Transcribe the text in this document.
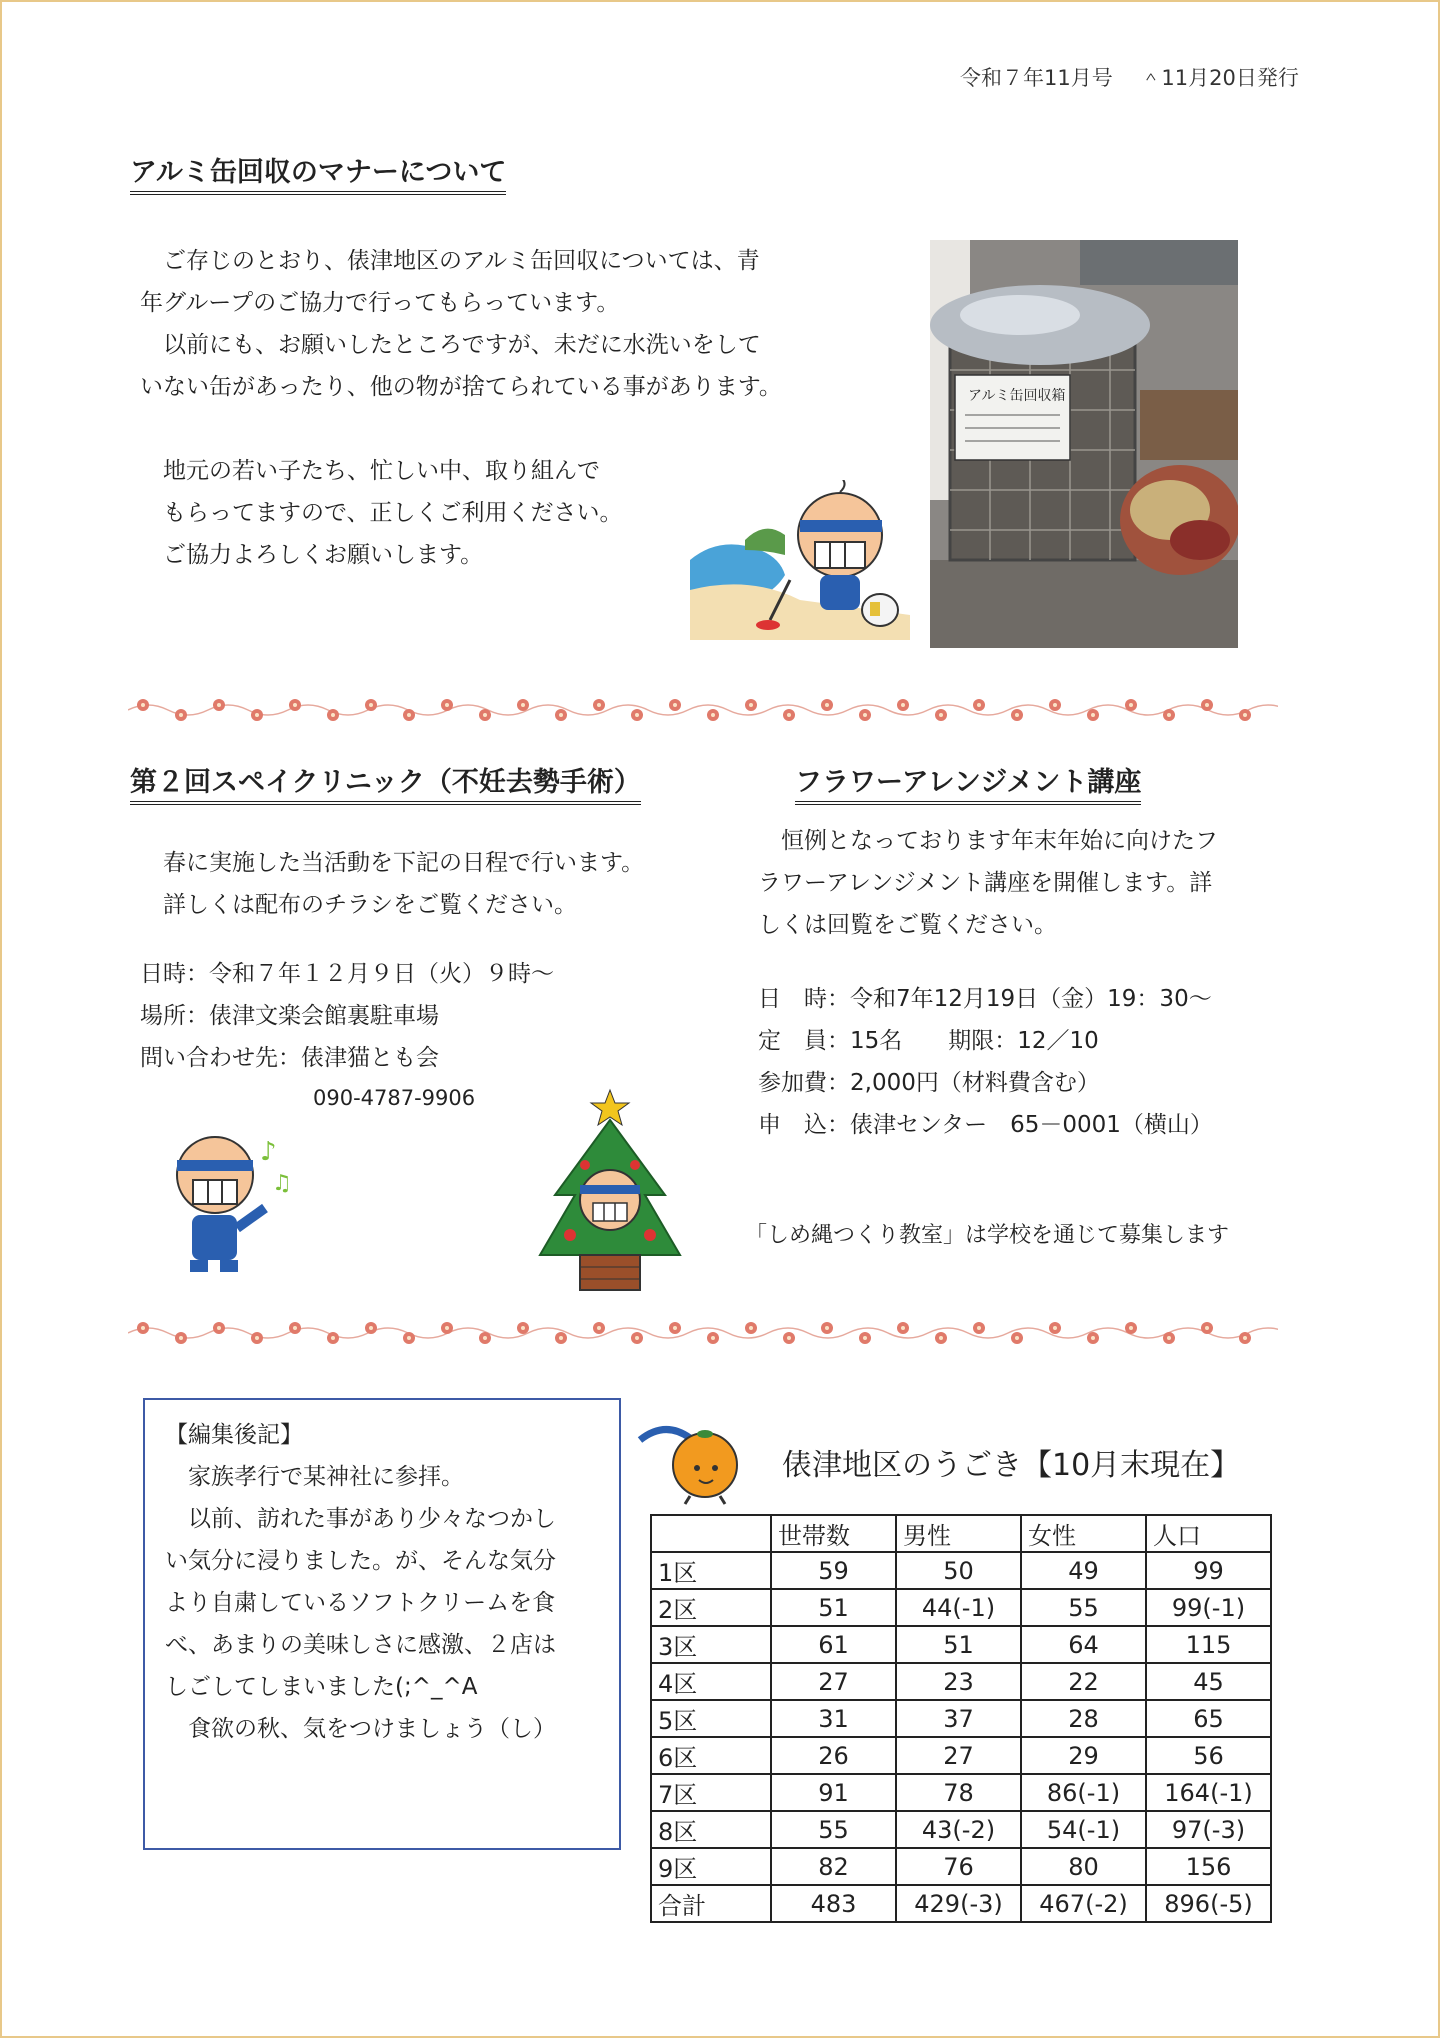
令和７年11月号　 ＾11月20日発行
アルミ缶回収のマナーについて
　ご存じのとおり、俵津地区のアルミ缶回収については、青
年グループのご協力で行ってもらっています。
　以前にも、お願いしたところですが、未だに水洗いをして
いない缶があったり、他の物が捨てられている事があります。
　地元の若い子たち、忙しい中、取り組んで
　もらってますので、正しくご利用ください。
　ご協力よろしくお願いします。
アルミ缶回収箱
第２回スペイクリニック（不妊去勢手術）
　春に実施した当活動を下記の日程で行います。
　詳しくは配布のチラシをご覧ください。
日時：令和７年１２月９日（火）９時～
場所：俵津文楽会館裏駐車場
問い合わせ先：俵津猫とも会
090-4787-9906
♪
♫
フラワーアレンジメント講座
　恒例となっております年末年始に向けたフ
ラワーアレンジメント講座を開催します。詳
しくは回覧をご覧ください。
日　時：令和7年12月19日（金）19：30～
定　員：15名　　期限：12／10
参加費：2,000円（材料費含む）
申　込：俵津センター　65－0001（横山）
「しめ縄つくり教室」は学校を通じて募集します
【編集後記】
　家族孝行で某神社に参拝。
　以前、訪れた事があり少々なつかし
い気分に浸りました。が、そんな気分
より自粛しているソフトクリームを食
べ、あまりの美味しさに感激、２店は
しごしてしまいました(;^_^A
　食欲の秋、気をつけましょう（し）
俵津地区のうごき【10月末現在】
	世帯数	男性	女性	人口
1区	59	50	49	99
2区	51	44(-1)	55	99(-1)
3区	61	51	64	115
4区	27	23	22	45
5区	31	37	28	65
6区	26	27	29	56
7区	91	78	86(-1)	164(-1)
8区	55	43(-2)	54(-1)	97(-3)
9区	82	76	80	156
合計	483	429(-3)	467(-2)	896(-5)
